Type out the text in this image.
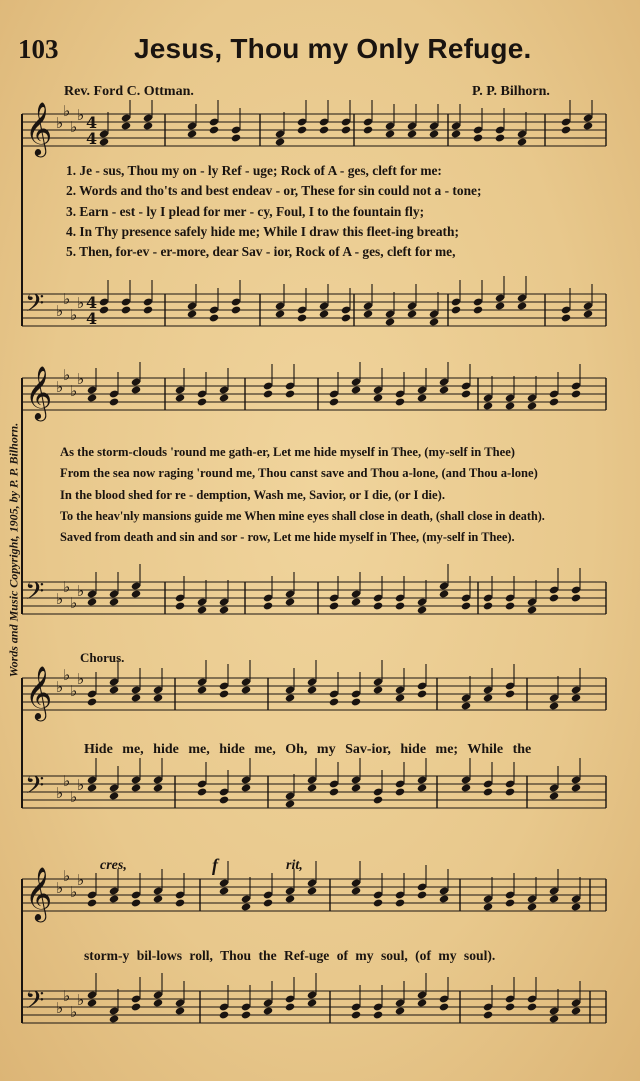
103	Jesus, Thou my Only Refuge.
Rev. Ford C. Ottman.	P. P. Bilhorn.
Words and Music Copyright, 1905, by P. P. Bilhorn.
𝄞 ♭
♭
♭
♭ 4
4
𝄢 ♭
♭
♭
♭ 4
4
𝄞 ♭
♭
♭
♭
𝄢 ♭
♭
♭
♭
𝄞 ♭
♭
♭
♭
𝄢 ♭
♭
♭
♭
𝄞 ♭
♭
♭
♭
𝄢 ♭
♭
♭
♭
1. Je - sus, Thou my on - ly Ref - uge; Rock of A - ges, cleft for me:
2. Words and tho'ts and best endeav - or, These for sin could not a - tone;
3. Earn - est - ly I plead for mer - cy, Foul, I to the fountain fly;
4. In Thy presence safely hide me; While I draw this fleet-ing breath;
5. Then, for-ev - er-more, dear Sav - ior, Rock of A - ges, cleft for me,
As the storm-clouds 'round me gath-er, Let me hide myself in Thee, (my-self in Thee)
From the sea now raging 'round me, Thou canst save and Thou a-lone, (and Thou a-lone)
In the blood shed for re - demption, Wash me, Savior, or I die, (or I die).
To the heav'nly mansions guide me When mine eyes shall close in death, (shall close in death).
Saved from death and sin and sor - row, Let me hide myself in Thee, (my-self in Thee).
Chorus.
Hide me, hide me, hide me, Oh, my Sav-ior, hide me; While the
storm-y bil-lows roll, Thou the Ref-uge of my soul, (of my soul).
cres,	f	rit,
